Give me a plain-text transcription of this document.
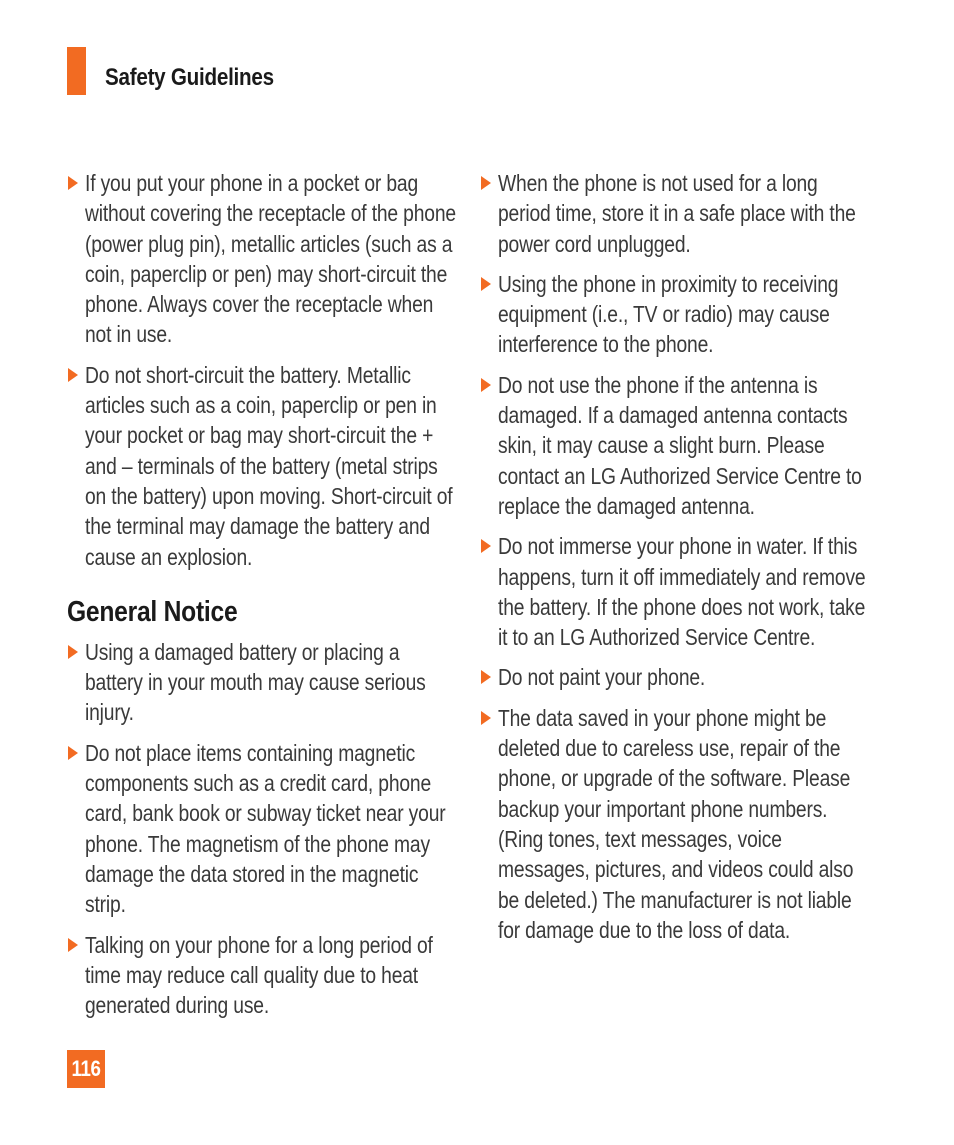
Safety Guidelines
If you put your phone in a pocket or bag without covering the receptacle of the phone (power plug pin), metallic articles (such as a coin, paperclip or pen) may short-circuit the phone. Always cover the receptacle when not in use.
Do not short-circuit the battery. Metallic articles such as a coin, paperclip or pen in your pocket or bag may short-circuit the + and – terminals of the battery (metal strips on the battery) upon moving. Short-circuit of the terminal may damage the battery and cause an explosion.
General Notice
Using a damaged battery or placing a battery in your mouth may cause serious injury.
Do not place items containing magnetic components such as a credit card, phone card, bank book or subway ticket near your phone. The magnetism of the phone may damage the data stored in the magnetic strip.
Talking on your phone for a long period of time may reduce call quality due to heat generated during use.
When the phone is not used for a long period time, store it in a safe place with the power cord unplugged.
Using the phone in proximity to receiving equipment (i.e., TV or radio) may cause interference to the phone.
Do not use the phone if the antenna is damaged. If a damaged antenna contacts skin, it may cause a slight burn. Please contact an LG Authorized Service Centre to replace the damaged antenna.
Do not immerse your phone in water. If this happens, turn it off immediately and remove the battery. If the phone does not work, take it to an LG Authorized Service Centre.
Do not paint your phone.
The data saved in your phone might be deleted due to careless use, repair of the phone, or upgrade of the software. Please backup your important phone numbers. (Ring tones, text messages, voice messages, pictures, and videos could also be deleted.) The manufacturer is not liable for damage due to the loss of data.
116
